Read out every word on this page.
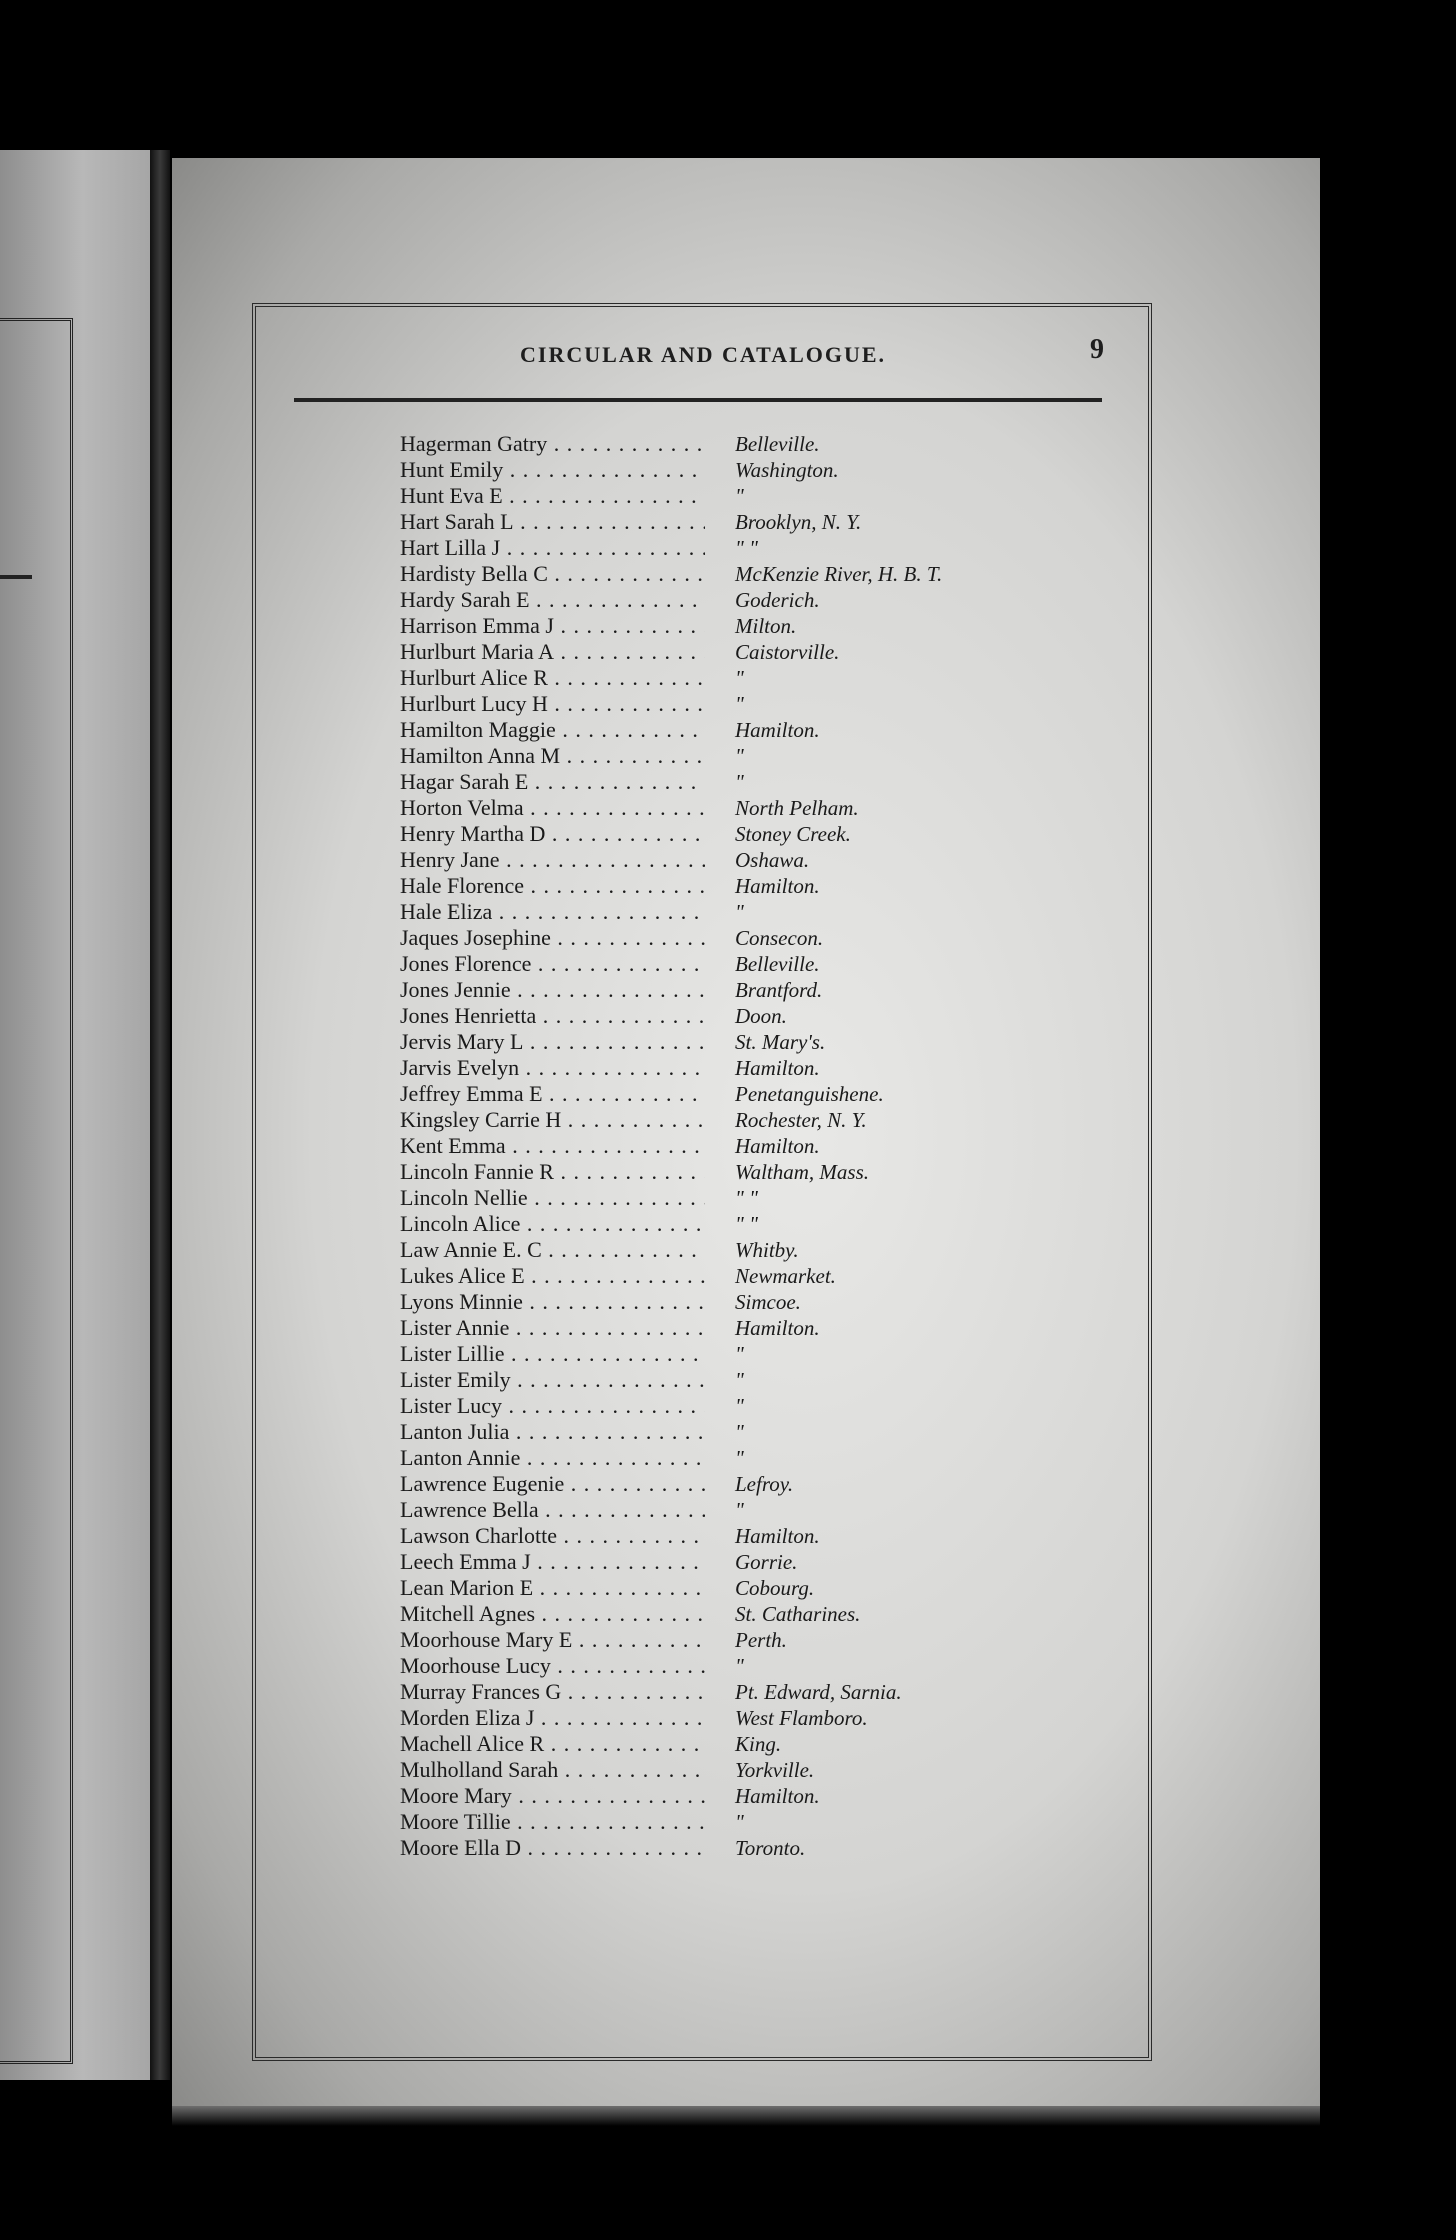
CIRCULAR AND CATALOGUE.	9
Hagerman Gatry . . .	Belleville.
Hunt Emily . . .	Washington.
Hunt Eva E . . .	"
Hart Sarah L . . .	Brooklyn, N. Y.
Hart Lilla J . . .	" "
Hardisty Bella C . . .	McKenzie River, H. B. T.
Hardy Sarah E . . .	Goderich.
Harrison Emma J . . .	Milton.
Hurlburt Maria A . . .	Caistorville.
Hurlburt Alice R . . .	"
Hurlburt Lucy H . . .	"
Hamilton Maggie . . .	Hamilton.
Hamilton Anna M . . .	"
Hagar Sarah E . . .	"
Horton Velma . . .	North Pelham.
Henry Martha D . . .	Stoney Creek.
Henry Jane . . .	Oshawa.
Hale Florence . . .	Hamilton.
Hale Eliza . . .	"
Jaques Josephine . . .	Consecon.
Jones Florence . . .	Belleville.
Jones Jennie . . .	Brantford.
Jones Henrietta . . .	Doon.
Jervis Mary L . . .	St. Mary's.
Jarvis Evelyn . . .	Hamilton.
Jeffrey Emma E . . .	Penetanguishene.
Kingsley Carrie H . . .	Rochester, N. Y.
Kent Emma . . .	Hamilton.
Lincoln Fannie R . . .	Waltham, Mass.
Lincoln Nellie . . .	" "
Lincoln Alice . . .	" "
Law Annie E. C . . .	Whitby.
Lukes Alice E . . .	Newmarket.
Lyons Minnie . . .	Simcoe.
Lister Annie . . .	Hamilton.
Lister Lillie . . .	"
Lister Emily . . .	"
Lister Lucy . . .	"
Lanton Julia . . .	"
Lanton Annie . . .	"
Lawrence Eugenie . . .	Lefroy.
Lawrence Bella . . .	"
Lawson Charlotte . . .	Hamilton.
Leech Emma J . . .	Gorrie.
Lean Marion E . . .	Cobourg.
Mitchell Agnes . . .	St. Catharines.
Moorhouse Mary E . . .	Perth.
Moorhouse Lucy . . .	"
Murray Frances G . . .	Pt. Edward, Sarnia.
Morden Eliza J . . .	West Flamboro.
Machell Alice R . . .	King.
Mulholland Sarah . . .	Yorkville.
Moore Mary . . .	Hamilton.
Moore Tillie . . .	"
Moore Ella D . . .	Toronto.
